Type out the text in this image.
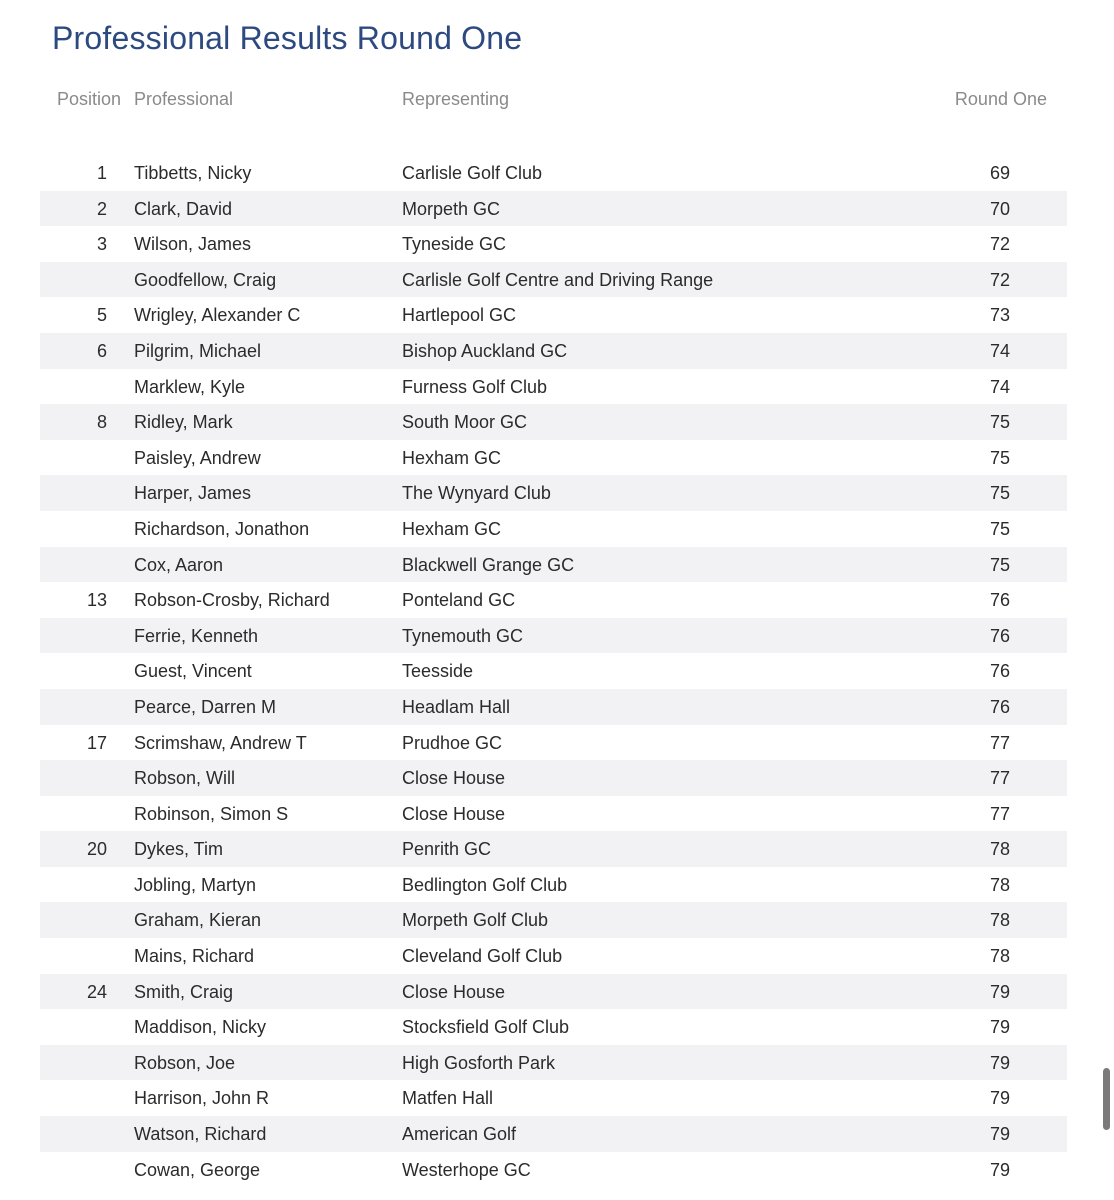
Professional Results Round One
Position Professional	Representing	Round One
1 Tibbetts, Nicky	Carlisle Golf Club	69
2 Clark, David	Morpeth GC	70
3 Wilson, James	Tyneside GC	72
Goodfellow, Craig	Carlisle Golf Centre and Driving Range	72
5 Wrigley, Alexander C	Hartlepool GC	73
6 Pilgrim, Michael	Bishop Auckland GC	74
Marklew, Kyle	Furness Golf Club	74
8 Ridley, Mark	South Moor GC	75
Paisley, Andrew	Hexham GC	75
Harper, James	The Wynyard Club	75
Richardson, Jonathon	Hexham GC	75
Cox, Aaron	Blackwell Grange GC	75
13 Robson-Crosby, Richard	Ponteland GC	76
Ferrie, Kenneth	Tynemouth GC	76
Guest, Vincent	Teesside	76
Pearce, Darren M	Headlam Hall	76
17 Scrimshaw, Andrew T	Prudhoe GC	77
Robson, Will	Close House	77
Robinson, Simon S	Close House	77
20 Dykes, Tim	Penrith GC	78
Jobling, Martyn	Bedlington Golf Club	78
Graham, Kieran	Morpeth Golf Club	78
Mains, Richard	Cleveland Golf Club	78
24 Smith, Craig	Close House	79
Maddison, Nicky	Stocksfield Golf Club	79
Robson, Joe	High Gosforth Park	79
Harrison, John R	Matfen Hall	79
Watson, Richard	American Golf	79
Cowan, George	Westerhope GC	79
